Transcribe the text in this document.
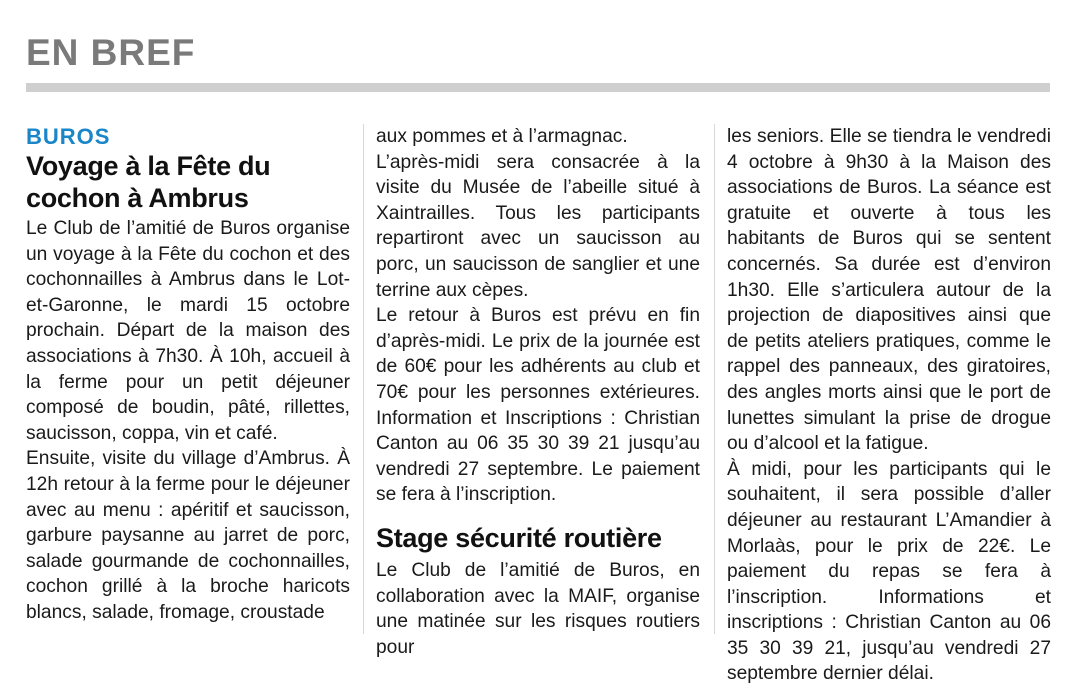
EN BREF

BUROS

Voyage à la Fête du
cochon à Ambrus

Le Club de l’amitié de Buros organise un voyage à la Fête du cochon et des cochonnailles à Ambrus dans le Lot-et-Garonne, le mardi 15 octobre prochain. Départ de la maison des associations à 7h30. À 10h, accueil à la ferme pour un petit déjeuner composé de boudin, pâté, rillettes, saucisson, coppa, vin et café.

Ensuite, visite du village d’Ambrus. À 12h retour à la ferme pour le déjeuner avec au menu : apéritif et saucisson, garbure paysanne au jarret de porc, salade gourmande de cochonnailles, cochon grillé à la broche haricots blancs, salade, fromage, croustade

aux pommes et à l’armagnac.

L’après-midi sera consacrée à la visite du Musée de l’abeille situé à Xaintrailles. Tous les participants repartiront avec un saucisson au porc, un saucisson de sanglier et une terrine aux cèpes.

Le retour à Buros est prévu en fin d’après-midi. Le prix de la journée est de 60€ pour les adhérents au club et 70€ pour les personnes extérieures. Information et Inscriptions : Christian Canton au 06 35 30 39 21 jusqu’au vendredi 27 septembre. Le paiement se fera à l’inscription.

Stage sécurité routière

Le Club de l’amitié de Buros, en collaboration avec la MAIF, organise une matinée sur les risques routiers pour

les seniors. Elle se tiendra le vendredi 4 octobre à 9h30 à la Maison des associations de Buros. La séance est gratuite et ouverte à tous les habitants de Buros qui se sentent concernés. Sa durée est d’environ 1h30. Elle s’articulera autour de la projection de diapositives ainsi que de petits ateliers pratiques, comme le rappel des panneaux, des giratoires, des angles morts ainsi que le port de lunettes simulant la prise de drogue ou d’alcool et la fatigue.

À midi, pour les participants qui le souhaitent, il sera possible d’aller déjeuner au restaurant L’Amandier à Morlaàs, pour le prix de 22€. Le paiement du repas se fera à l’inscription. Informations et inscriptions : Christian Canton au 06 35 30 39 21, jusqu’au vendredi 27 septembre dernier délai.
